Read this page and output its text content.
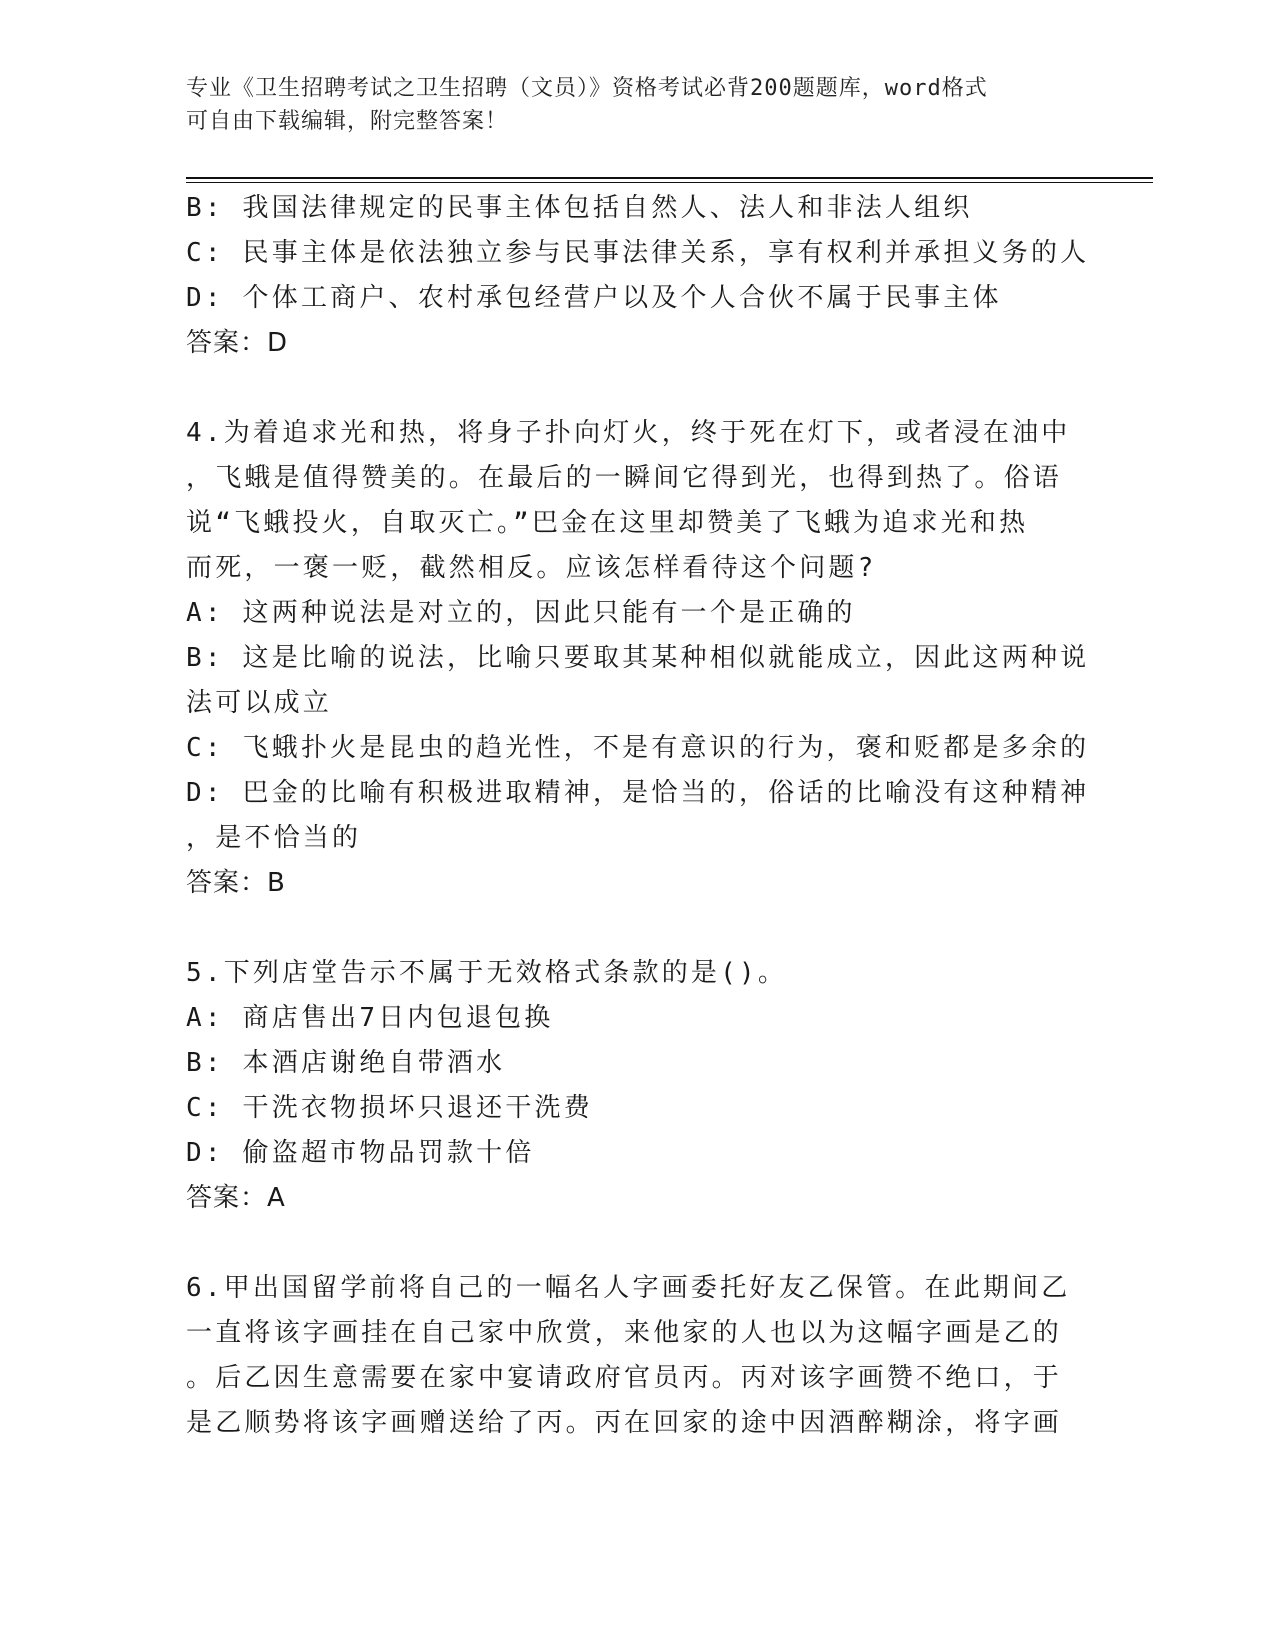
专业《卫生招聘考试之卫生招聘（文员）》资格考试必背200题题库，word格式
可自由下载编辑，附完整答案！
B: 我国法律规定的民事主体包括自然人、法人和非法人组织
C: 民事主体是依法独立参与民事法律关系，享有权利并承担义务的人
D: 个体工商户、农村承包经营户以及个人合伙不属于民事主体
答案：D
4.为着追求光和热，将身子扑向灯火，终于死在灯下，或者浸在油中
，飞蛾是值得赞美的。在最后的一瞬间它得到光，也得到热了。俗语
说“飞蛾投火，自取灭亡。”巴金在这里却赞美了飞蛾为追求光和热
而死，一褒一贬，截然相反。应该怎样看待这个问题?
A: 这两种说法是对立的，因此只能有一个是正确的
B: 这是比喻的说法，比喻只要取其某种相似就能成立，因此这两种说
法可以成立
C: 飞蛾扑火是昆虫的趋光性，不是有意识的行为，褒和贬都是多余的
D: 巴金的比喻有积极进取精神，是恰当的，俗话的比喻没有这种精神
，是不恰当的
答案：B
5.下列店堂告示不属于无效格式条款的是()。
A: 商店售出7日内包退包换
B: 本酒店谢绝自带酒水
C: 干洗衣物损坏只退还干洗费
D: 偷盗超市物品罚款十倍
答案：A
6.甲出国留学前将自己的一幅名人字画委托好友乙保管。在此期间乙
一直将该字画挂在自己家中欣赏，来他家的人也以为这幅字画是乙的
。后乙因生意需要在家中宴请政府官员丙。丙对该字画赞不绝口，于
是乙顺势将该字画赠送给了丙。丙在回家的途中因酒醉糊涂，将字画
